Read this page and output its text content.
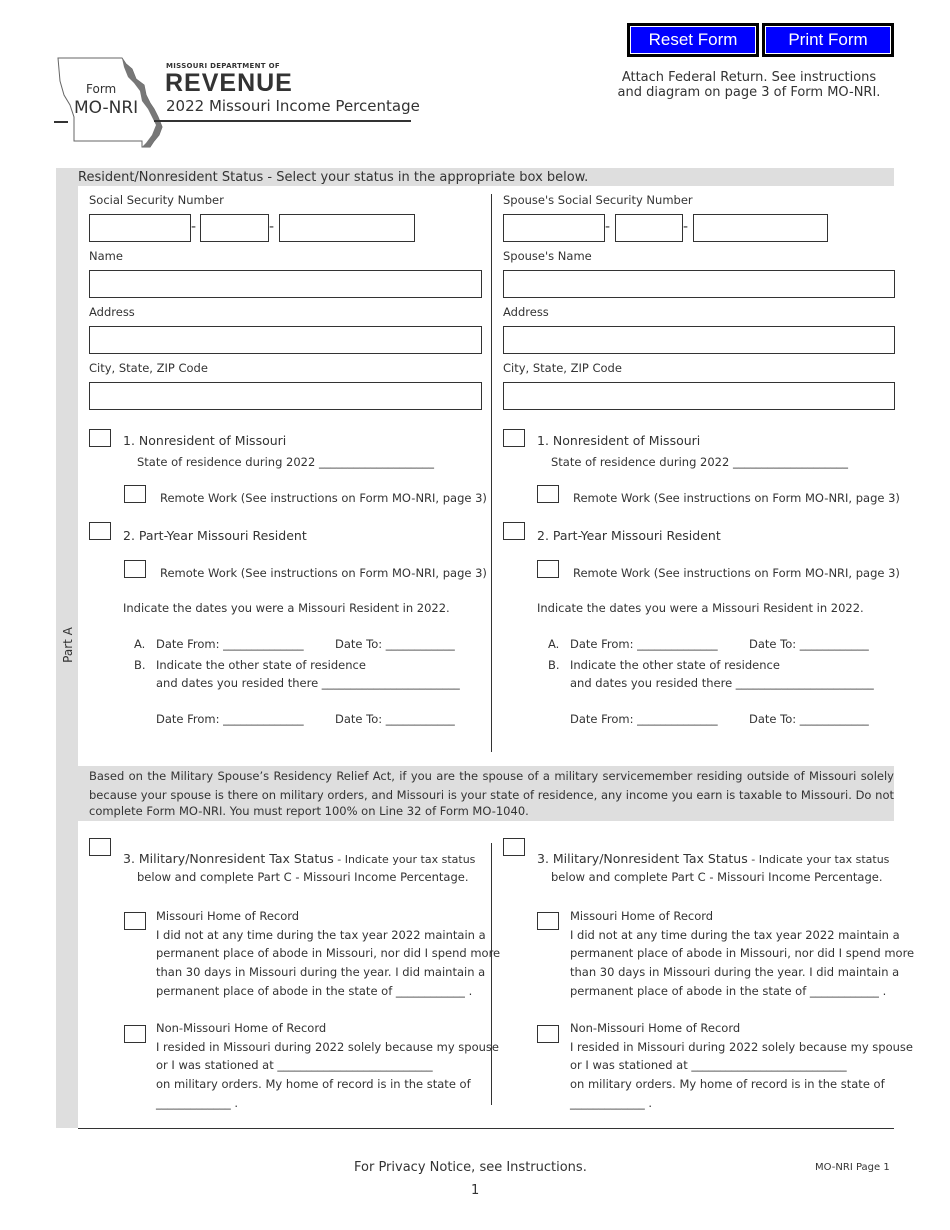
Reset Form	Print Form
Form
MO-NRI
MISSOURI DEPARTMENT OF
REVENUE
2022 Missouri Income Percentage
Attach Federal Return. See instructions
and diagram on page 3 of Form MO-NRI.
Part A
Resident/Nonresident Status - Select your status in the appropriate box below.
Social Security Number
-	-
Name
Address
City, State, ZIP Code
1. Nonresident of Missouri
State of residence during 2022 ____________________
Remote Work (See instructions on Form MO-NRI, page 3)
2. Part-Year Missouri Resident
Remote Work (See instructions on Form MO-NRI, page 3)
Indicate the dates you were a Missouri Resident in 2022.
A. Date From: ______________	Date To: ____________
B. Indicate the other state of residence
and dates you resided there ________________________
Date From: ______________	Date To: ____________
Spouse's Social Security Number
-	-
Spouse's Name
Address
City, State, ZIP Code
1. Nonresident of Missouri
State of residence during 2022 ____________________
Remote Work (See instructions on Form MO-NRI, page 3)
2. Part-Year Missouri Resident
Remote Work (See instructions on Form MO-NRI, page 3)
Indicate the dates you were a Missouri Resident in 2022.
A. Date From: ______________	Date To: ____________
B. Indicate the other state of residence
and dates you resided there ________________________
Date From: ______________	Date To: ____________

Based on the Military Spouse’s Residency Relief Act, if you are the spouse of a military servicemember residing outside of Missouri solely

because your spouse is there on military orders, and Missouri is your state of residence, any income you earn is taxable to Missouri. Do not

complete Form MO-NRI. You must report 100% on Line 32 of Form MO-1040.
3. Military/Nonresident Tax Status - Indicate your tax status
below and complete Part C - Missouri Income Percentage.
Missouri Home of Record
I did not at any time during the tax year 2022 maintain a
permanent place of abode in Missouri, nor did I spend more
than 30 days in Missouri during the year. I did maintain a
permanent place of abode in the state of ____________ .
Non-Missouri Home of Record
I resided in Missouri during 2022 solely because my spouse
or I was stationed at ___________________________
on military orders. My home of record is in the state of
_____________ .
3. Military/Nonresident Tax Status - Indicate your tax status
below and complete Part C - Missouri Income Percentage.
Missouri Home of Record
I did not at any time during the tax year 2022 maintain a
permanent place of abode in Missouri, nor did I spend more
than 30 days in Missouri during the year. I did maintain a
permanent place of abode in the state of ____________ .
Non-Missouri Home of Record
I resided in Missouri during 2022 solely because my spouse
or I was stationed at ___________________________
on military orders. My home of record is in the state of
_____________ .
For Privacy Notice, see Instructions.	MO-NRI Page 1
1
